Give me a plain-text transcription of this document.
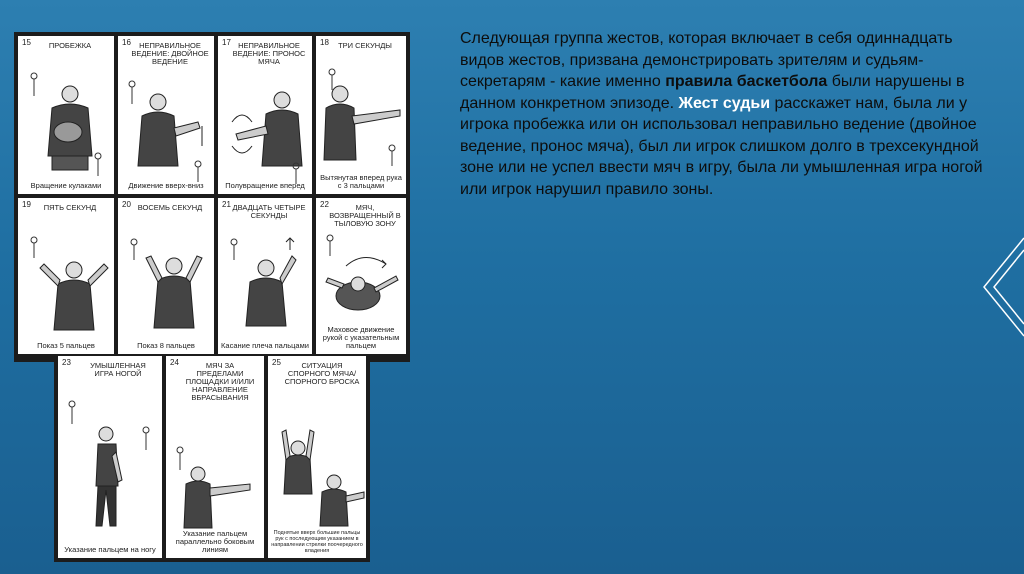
15	ПРОБЕЖКА
Вращение кулаками
16	НЕПРАВИЛЬНОЕ ВЕДЕНИЕ: ДВОЙНОЕ ВЕДЕНИЕ
Движение вверх-вниз
17 НЕПРАВИЛЬНОЕ ВЕДЕНИЕ: ПРОНОС МЯЧА
Полувращение вперед
18	ТРИ СЕКУНДЫ
Вытянутая вперед рука с 3 пальцами
19	ПЯТЬ СЕКУНД
Показ 5 пальцев
20 ВОСЕМЬ СЕКУНД
Показ 8 пальцев
21 ДВАДЦАТЬ ЧЕТЫРЕ СЕКУНДЫ
Касание плеча пальцами
22	МЯЧ, ВОЗВРАЩЕННЫЙ В ТЫЛОВУЮ ЗОНУ
Маховое движение рукой с указательным пальцем
23	УМЫШЛЕННАЯ ИГРА НОГОЙ
Указание пальцем на ногу
24	МЯЧ ЗА ПРЕДЕЛАМИ ПЛОЩАДКИ И/ИЛИ НАПРАВЛЕНИЕ ВБРАСЫВАНИЯ
Указание пальцем параллельно боковым линиям
25	СИТУАЦИЯ СПОРНОГО МЯЧА/СПОРНОГО БРОСКА
Поднятые вверх большие пальцы рук с последующим указанием в направлении стрелки поочередного владения
Следующая группа жестов, которая включает в себя одиннадцать видов жестов, призвана демонстрировать зрителям и судьям-секретарям - какие именно правила баскетбола были нарушены в данном конкретном эпизоде. Жест судьи расскажет нам, была ли у игрока пробежка или он использовал неправильно ведение (двойное ведение, пронос мяча), был ли игрок слишком долго в трехсекундной зоне или не успел ввести мяч в игру, была ли умышленная игра ногой или игрок нарушил правило зоны.
